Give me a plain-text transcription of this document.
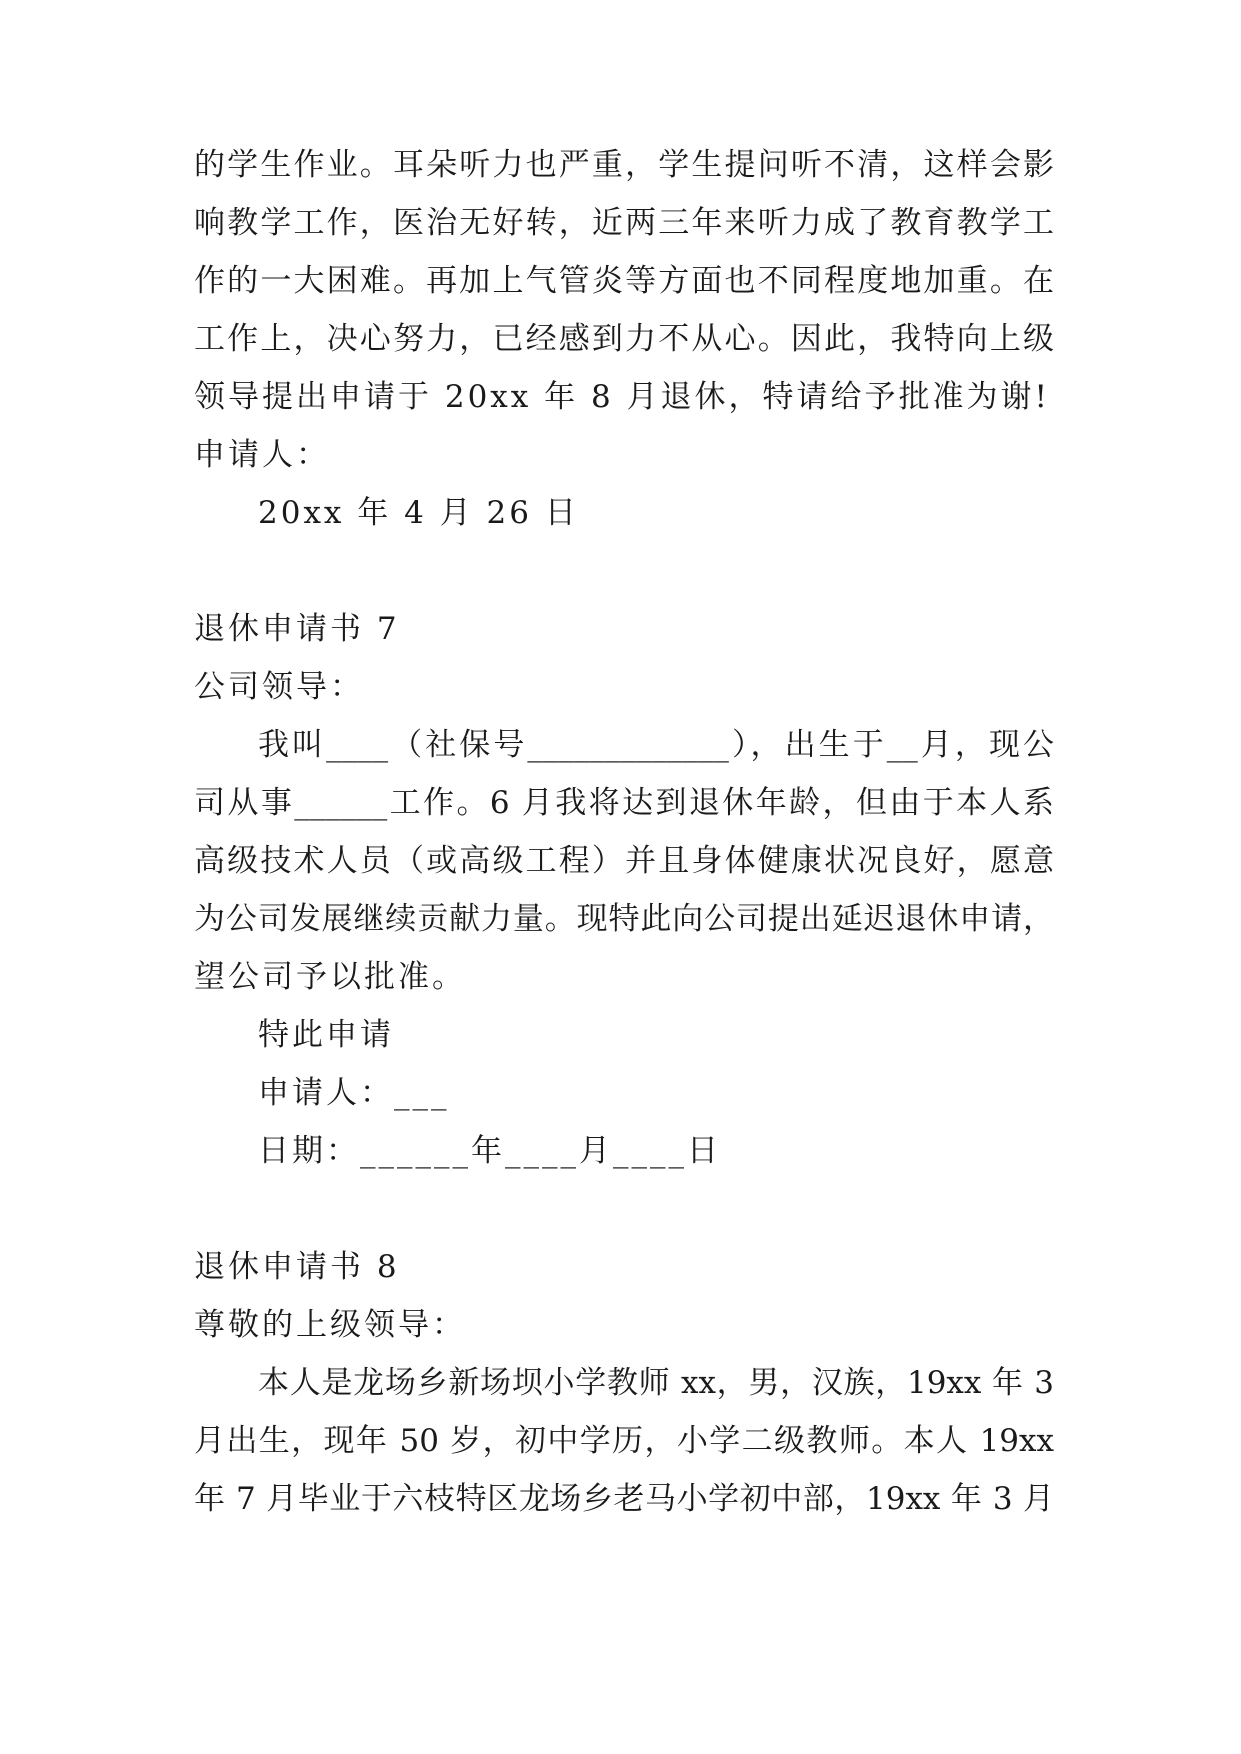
的学生作业。耳朵听力也严重，学生提问听不清，这样会影
响教学工作，医治无好转，近两三年来听力成了教育教学工
作的一大困难。再加上气管炎等方面也不同程度地加重。在
工作上，决心努力，已经感到力不从心。因此，我特向上级
领导提出申请于 20xx 年 8 月退休，特请给予批准为谢!
申请人：
20xx 年 4 月 26 日
退休申请书 7
公司领导：
我叫____（社保号_____________），出生于__月，现公
司从事______工作。6 月我将达到退休年龄，但由于本人系
高级技术人员（或高级工程）并且身体健康状况良好，愿意
为公司发展继续贡献力量。现特此向公司提出延迟退休申请，
望公司予以批准。
特此申请
申请人：___
日期：______年____月____日
退休申请书 8
尊敬的上级领导：
本人是龙场乡新场坝小学教师 xx，男，汉族，19xx 年 3
月出生，现年 50 岁，初中学历，小学二级教师。本人 19xx
年 7 月毕业于六枝特区龙场乡老马小学初中部，19xx 年 3 月
